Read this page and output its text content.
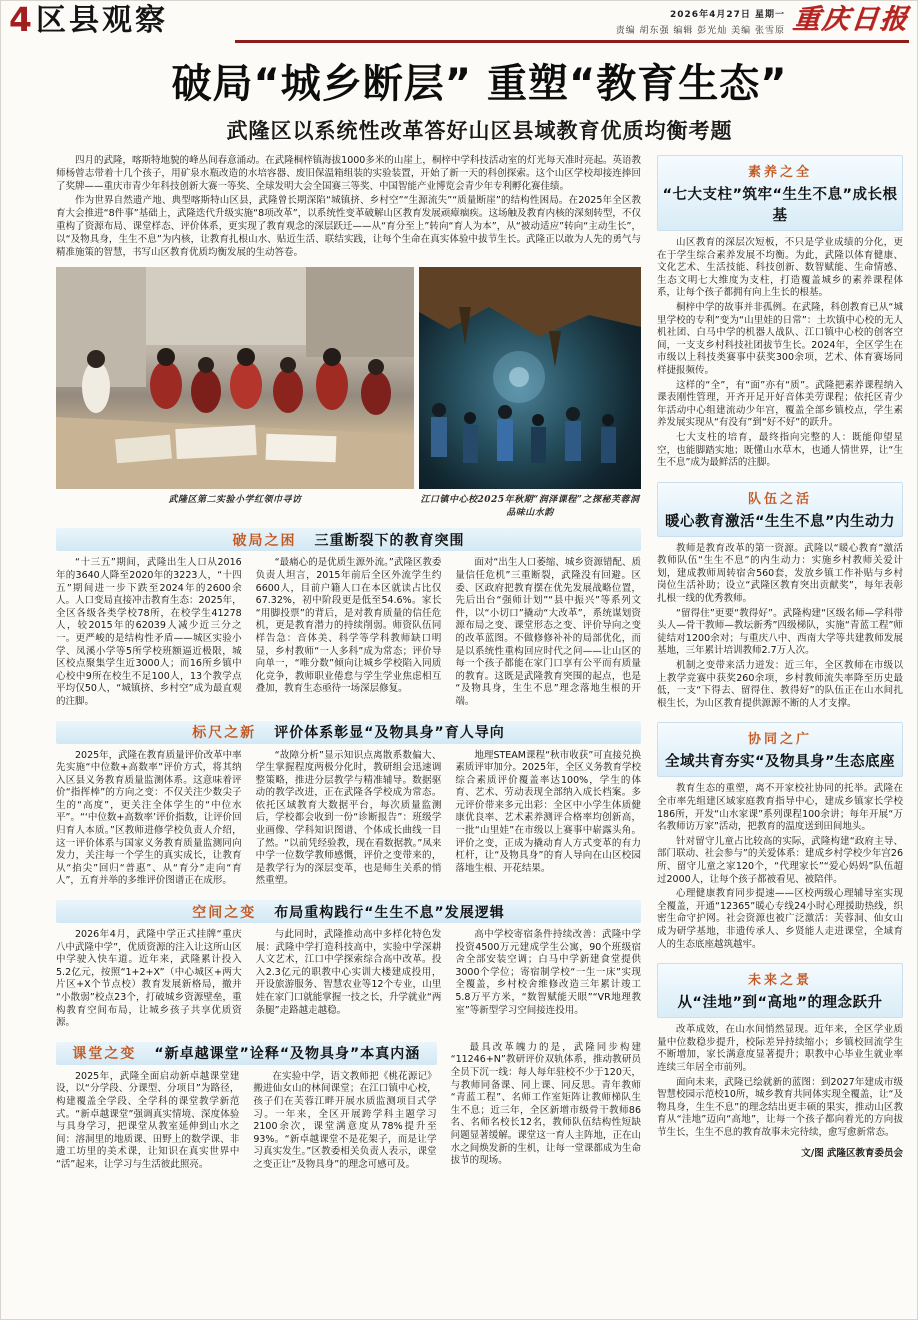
4 区县观察	2026年4月27日 星期一
责编 胡东强 编辑 彭光灿 美编 张雪原 重庆日报
破局“城乡断层” 重塑“教育生态”
武隆区以系统性改革答好山区县域教育优质均衡考题

四月的武隆，喀斯特地貌的峰丛间春意涌动。在武隆桐梓镇海拔1000多米的山崖上，桐梓中学科技活动室的灯光每天准时亮起。英语教师杨曾志带着十几个孩子，用矿泉水瓶改造的水培容器、废旧保温箱组装的实验装置，开始了新一天的科创探索。这个山区学校却接连捧回了奖牌——重庆市青少年科技创新大赛一等奖、全球发明大会全国赛三等奖、中国智能产业博览会青少年专利孵化赛佳绩。

作为世界自然遗产地、典型喀斯特山区县，武隆曾长期深陷“城镇挤、乡村空”“生源流失”“质量断崖”的结构性困局。在2025年全区教育大会推进“8件事”基础上，武隆迭代升级实施“8项改革”，以系统性变革破解山区教育发展顽瘴痼疾。这场触及教育内核的深刻转型，不仅重构了资源布局、课堂样态、评价体系，更实现了教育观念的深层跃迁——从“育分至上”转向“育人为本”，从“被动适应”转向“主动生长”，以“及物具身，生生不息”为内核，让教育扎根山水、贴近生活、联结实践，让每个生命在真实体验中拔节生长。武隆正以敢为人先的勇气与精准施策的智慧，书写山区教育优质均衡发展的生动答卷。

武隆区第二实验小学红领巾寻访	江口镇中心校2025年秋期“润泽课程”之探秘芙蓉洞品味山水韵
破局之困 三重断裂下的教育突围

“十三五”期间，武隆出生人口从2016年的3640人降至2020年的3223人，“十四五”期间进一步下跌至2024年的2600余人。人口变局直接冲击教育生态：2025年，全区各级各类学校78所，在校学生41278人，较2015年的62039人减少近三分之一。更严峻的是结构性矛盾——城区实验小学、凤溪小学等5所学校班额逼近极限，城区校点聚集学生近3000人；而16所乡镇中心校中9所在校生不足100人，13个教学点平均仅50人，“城镇挤、乡村空”成为最直观的注脚。

“最痛心的是优质生源外流。”武隆区教委负责人坦言，2015年前后全区外流学生约6600人，目前户籍人口在本区就读占比仅67.32%，初中阶段更是低至54.6%。家长“用脚投票”的背后，是对教育质量的信任危机，更是教育潜力的持续削弱。师资队伍同样告急：音体美、科学等学科教师缺口明显，乡村教师“一人多科”成为常态；评价导向单一，“唯分数”倾向让城乡学校陷入同质化竞争，教师职业倦怠与学生学业焦虑相互叠加，教育生态亟待一场深层修复。

面对“出生人口萎缩、城乡资源错配、质量信任危机”三重断裂，武隆没有回避。区委、区政府把教育摆在优先发展战略位置，先后出台“强师计划”“县中振兴”等系列文件，以“小切口”撬动“大改革”，系统谋划资源布局之变、课堂形态之变、评价导向之变的改革蓝图。不做修修补补的局部优化，而是以系统性重构回应时代之问——让山区的每一个孩子都能在家门口享有公平而有质量的教育。这既是武隆教育突围的起点，也是“及物具身，生生不息”理念落地生根的开端。

标尺之新 评价体系彰显“及物具身”育人导向

2025年，武隆在教育质量评价改革中率先实施“中位数+高数率”评价方式，将其纳入区县义务教育质量监测体系。这意味着评价“指挥棒”的方向之变：不仅关注少数尖子生的“高度”，更关注全体学生的“中位水平”。“‘中位数+高数率’评价指数，让评价回归育人本质。”区教师进修学校负责人介绍，这一评价体系与国家义务教育质量监测同向发力，关注每一个学生的真实成长，让教育从“掐尖”回归“普惠”、从“育分”走向“育人”，五育并举的多维评价图谱正在成形。

“故障分析”显示知识点离散系数偏大、学生掌握程度两极分化时，教研组会迅速调整策略，推进分层教学与精准辅导。数据驱动的教学改进，正在武隆各学校成为常态。依托区域教育大数据平台，每次质量监测后，学校都会收到一份“诊断报告”：班级学业画像、学科知识图谱、个体成长曲线一目了然。“以前凭经验教，现在看数据教。”凤来中学一位数学教师感慨，评价之变带来的，是教学行为的深层变革，也是师生关系的悄然重塑。

地理STEAM课程“秋市收获”可直接兑换素质评审加分。2025年，全区义务教育学校综合素质评价覆盖率达100%，学生的体育、艺术、劳动表现全部纳入成长档案。多元评价带来多元出彩：全区中小学生体质健康优良率、艺术素养测评合格率均创新高，一批“山里娃”在市级以上赛事中崭露头角。评价之变，正成为撬动育人方式变革的有力杠杆，让“及物具身”的育人导向在山区校园落地生根、开花结果。

空间之变 布局重构践行“生生不息”发展逻辑

2026年4月，武隆中学正式挂牌“重庆八中武隆中学”，优质资源的注入让这所山区中学驶入快车道。近年来，武隆累计投入5.2亿元，按照“1+2+X”（中心城区+两大片区+X个节点校）教育发展新格局，撤并“小散弱”校点23个，打破城乡资源壁垒，重构教育空间布局，让城乡孩子共享优质资源。

与此同时，武隆推动高中多样化特色发展：武隆中学打造科技高中，实验中学深耕人文艺术，江口中学探索综合高中改革。投入2.3亿元的职教中心实训大楼建成投用，开设旅游服务、智慧农业等12个专业，山里娃在家门口就能掌握一技之长，升学就业“两条腿”走路越走越稳。

高中学校寄宿条件持续改善：武隆中学投资4500万元建成学生公寓，90个班级宿舍全部安装空调；白马中学新建食堂提供3000个学位；寄宿制学校“一生一床”实现全覆盖，乡村校舍维修改造三年累计竣工5.8万平方米，“数智赋能天眼”“VR地理教室”等新型学习空间接连投用。

课堂之变 “新卓越课堂”诠释“及物具身”本真内涵

2025年，武隆全面启动新卓越课堂建设，以“分学段、分课型、分项目”为路径，构建覆盖全学段、全学科的课堂教学新范式。“新卓越课堂”强调真实情境、深度体验与具身学习，把课堂从教室延伸到山水之间：溶洞里的地质课、田野上的数学课、非遗工坊里的美术课，让知识在真实世界中“活”起来，让学习与生活彼此照亮。

在实验中学，语文教师把《桃花源记》搬进仙女山的林间课堂；在江口镇中心校，孩子们在芙蓉江畔开展水质监测项目式学习。一年来，全区开展跨学科主题学习2100余次，课堂满意度从78%提升至93%。“新卓越课堂不是花架子，而是让学习真实发生。”区教委相关负责人表示，课堂之变正让“及物具身”的理念可感可及。

最具改革魄力的是，武隆同步构建“11246+N”教研评价双轨体系，推动教研员全员下沉一线：每人每年驻校不少于120天，与教师同备课、同上课、同反思。青年教师“青蓝工程”、名师工作室矩阵让教师梯队生生不息；近三年，全区新增市级骨干教师86名、名师名校长12名，教师队伍结构性短缺问题显著缓解。课堂这一育人主阵地，正在山水之间焕发新的生机，让每一堂课都成为生命拔节的现场。

素养之全
“七大支柱”筑牢“生生不息”成长根基

山区教育的深层次短板，不只是学业成绩的分化，更在于学生综合素养发展不均衡。为此，武隆以体育健康、文化艺术、生活技能、科技创新、数智赋能、生命情感、生态文明七大维度为支柱，打造覆盖城乡的素养课程体系，让每个孩子都拥有向上生长的根基。

桐梓中学的故事并非孤例。在武隆，科创教育已从“城里学校的专利”变为“山里娃的日常”：土坎镇中心校的无人机社团、白马中学的机器人战队、江口镇中心校的创客空间，一支支乡村科技社团拔节生长。2024年，全区学生在市级以上科技类赛事中获奖300余项，艺术、体育赛场同样捷报频传。

这样的“全”，有“面”亦有“质”。武隆把素养课程纳入课表刚性管理，开齐开足开好音体美劳课程；依托区青少年活动中心组建流动少年宫，覆盖全部乡镇校点，学生素养发展实现从“有没有”到“好不好”的跃升。

七大支柱的培育，最终指向完整的人：既能仰望星空，也能脚踏实地；既懂山水草木，也通人情世界，让“生生不息”成为最鲜活的注脚。

队伍之活
暖心教育激活“生生不息”内生动力

教师是教育改革的第一资源。武隆以“暖心教育”激活教师队伍“生生不息”的内生动力：实施乡村教师关爱计划，建成教师周转宿舍560套，发放乡镇工作补贴与乡村岗位生活补助；设立“武隆区教育突出贡献奖”，每年表彰扎根一线的优秀教师。

“留得住”更要“教得好”。武隆构建“区级名师—学科带头人—骨干教师—教坛新秀”四级梯队，实施“青蓝工程”师徒结对1200余对；与重庆八中、西南大学等共建教师发展基地，三年累计培训教师2.7万人次。

机制之变带来活力迸发：近三年，全区教师在市级以上教学竞赛中获奖260余项，乡村教师流失率降至历史最低，一支“下得去、留得住、教得好”的队伍正在山水间扎根生长，为山区教育提供源源不断的人才支撑。

协同之广
全域共育夯实“及物具身”生态底座

教育生态的重塑，离不开家校社协同的托举。武隆在全市率先组建区域家庭教育指导中心，建成乡镇家长学校186所，开发“山水家课”系列课程100余讲；每年开展“万名教师访万家”活动，把教育的温度送到田间地头。

针对留守儿童占比较高的实际，武隆构建“政府主导、部门联动、社会参与”的关爱体系：建成乡村学校少年宫26所、留守儿童之家120个，“代理家长”“爱心妈妈”队伍超过2000人，让每个孩子都被看见、被陪伴。

心理健康教育同步提速——区校两级心理辅导室实现全覆盖，开通“12365”暖心专线24小时心理援助热线，织密生命守护网。社会资源也被广泛激活：芙蓉洞、仙女山成为研学基地，非遗传承人、乡贤能人走进课堂，全域育人的生态底座越筑越牢。

未来之景
从“洼地”到“高地”的理念跃升

改革成效，在山水间悄然显现。近年来，全区学业质量中位数稳步提升，校际差异持续缩小；乡镇校回流学生不断增加，家长满意度显著提升；职教中心毕业生就业率连续三年居全市前列。

面向未来，武隆已绘就新的蓝图：到2027年建成市级智慧校园示范校10所，城乡教育共同体实现全覆盖，让“及物具身，生生不息”的理念结出更丰硕的果实，推动山区教育从“洼地”迈向“高地”，让每一个孩子都向着光的方向拔节生长，生生不息的教育故事未完待续，愈写愈新常态。

文/图 武隆区教育委员会
